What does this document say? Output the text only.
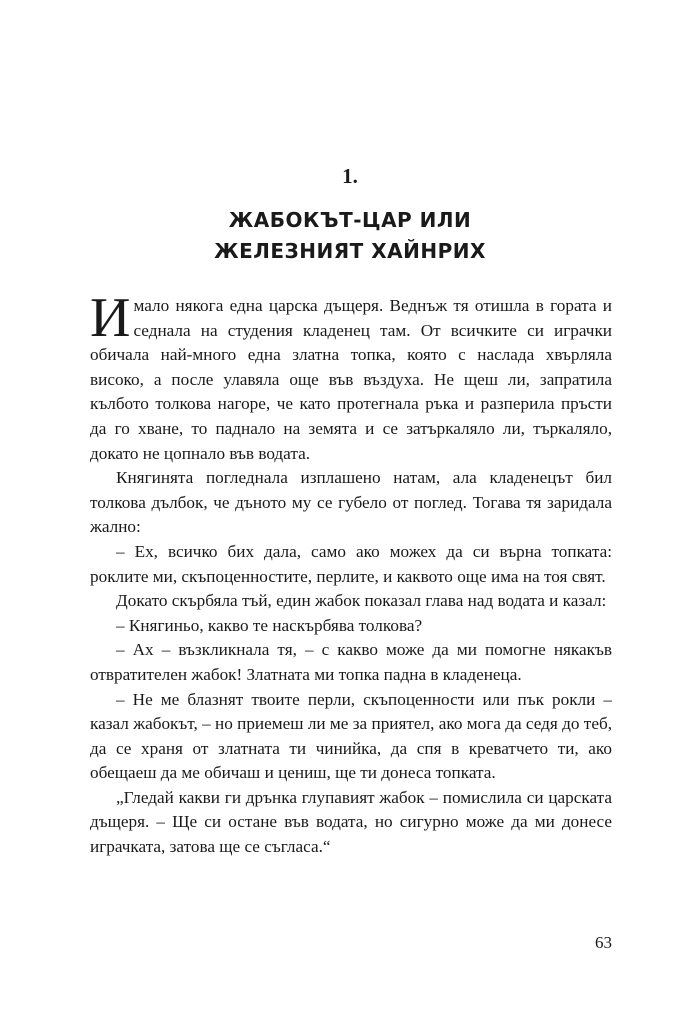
1.
ЖАБОКЪТ-ЦАР ИЛИ
ЖЕЛЕЗНИЯТ ХАЙНРИХ

Имало някога една царска дъщеря. Веднъж тя отишла в гората и седнала на студения кладенец там. От всичките си играчки обичала най-много една златна топка, която с наслада хвърляла високо, а после улавяла още във въздуха. Не щеш ли, запратила кълбото толкова нагоре, че като протегнала ръка и разперила пръсти да го хване, то паднало на земята и се затъркаляло ли, търкаляло, докато не цопнало във водата.

Княгинята погледнала изплашено натам, ала кладенецът бил толкова дълбок, че дъното му се губело от поглед. Тогава тя заридала жално:

– Ех, всичко бих дала, само ако можех да си върна топката: роклите ми, скъпоценностите, перлите, и каквото още има на тоя свят.

Докато скърбяла тъй, един жабок показал глава над водата и казал:

– Княгиньо, какво те наскърбява толкова?

– Ах – възкликнала тя, – с какво може да ми помогне някакъв отвратителен жабок! Златната ми топка падна в кладенеца.

– Не ме блазнят твоите перли, скъпоценности или пък рокли – казал жабокът, – но приемеш ли ме за приятел, ако мога да седя до теб, да се храня от златната ти чинийка, да спя в креватчето ти, ако обещаеш да ме обичаш и цениш, ще ти донеса топката.

„Гледай какви ги дрънка глупавият жабок – помислила си царската дъщеря. – Ще си остане във водата, но сигурно може да ми донесе играчката, затова ще се съгласа.“

63
